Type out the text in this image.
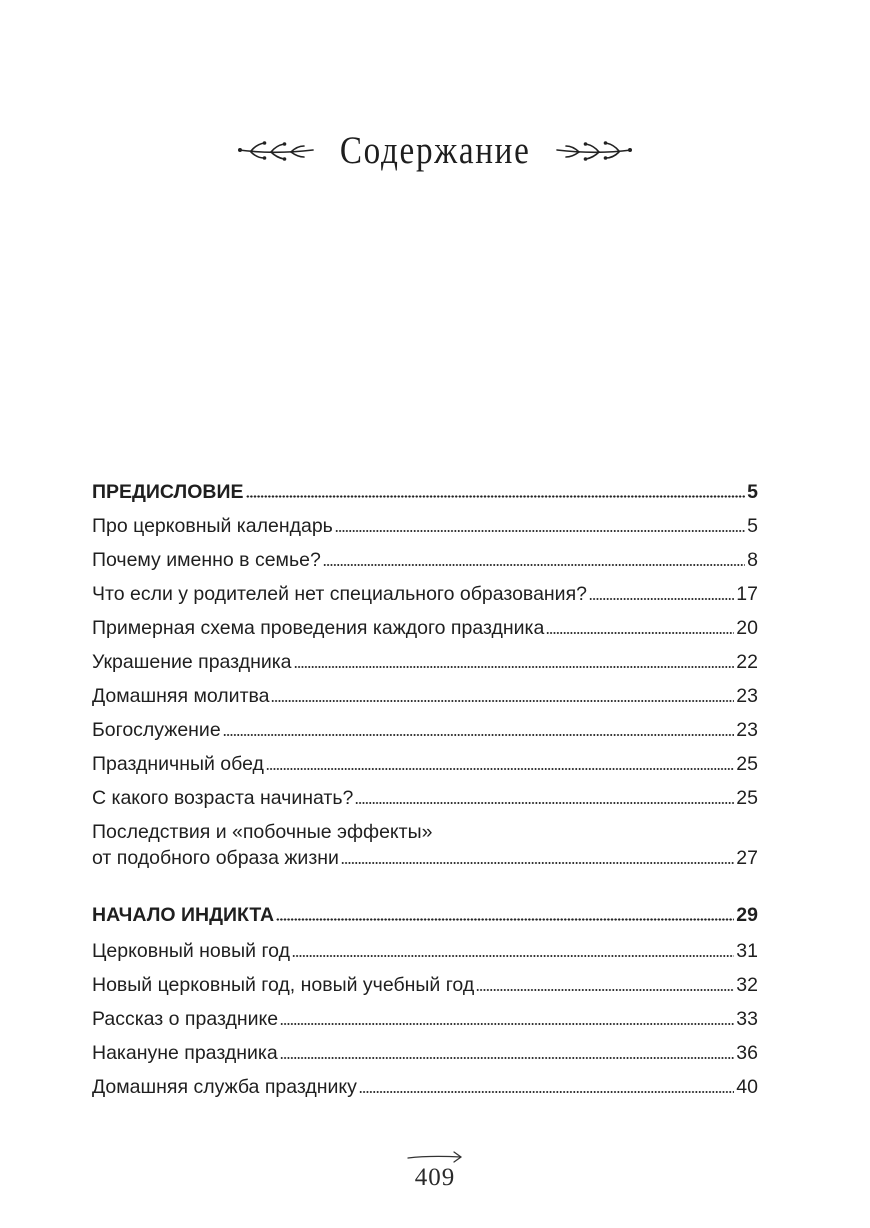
Содержание
ПРЕДИСЛОВИЕ	5
Про церковный календарь	5
Почему именно в семье?	8
Что если у родителей нет специального образования?	17
Примерная схема проведения каждого праздника	20
Украшение праздника	22
Домашняя молитва	23
Богослужение	23
Праздничный обед	25
С какого возраста начинать?	25
Последствия и «побочные эффекты»
от подобного образа жизни	27
НАЧАЛО ИНДИКТА	29
Церковный новый год	31
Новый церковный год, новый учебный год	32
Рассказ о празднике	33
Накануне праздника	36
Домашняя служба празднику	40
409
